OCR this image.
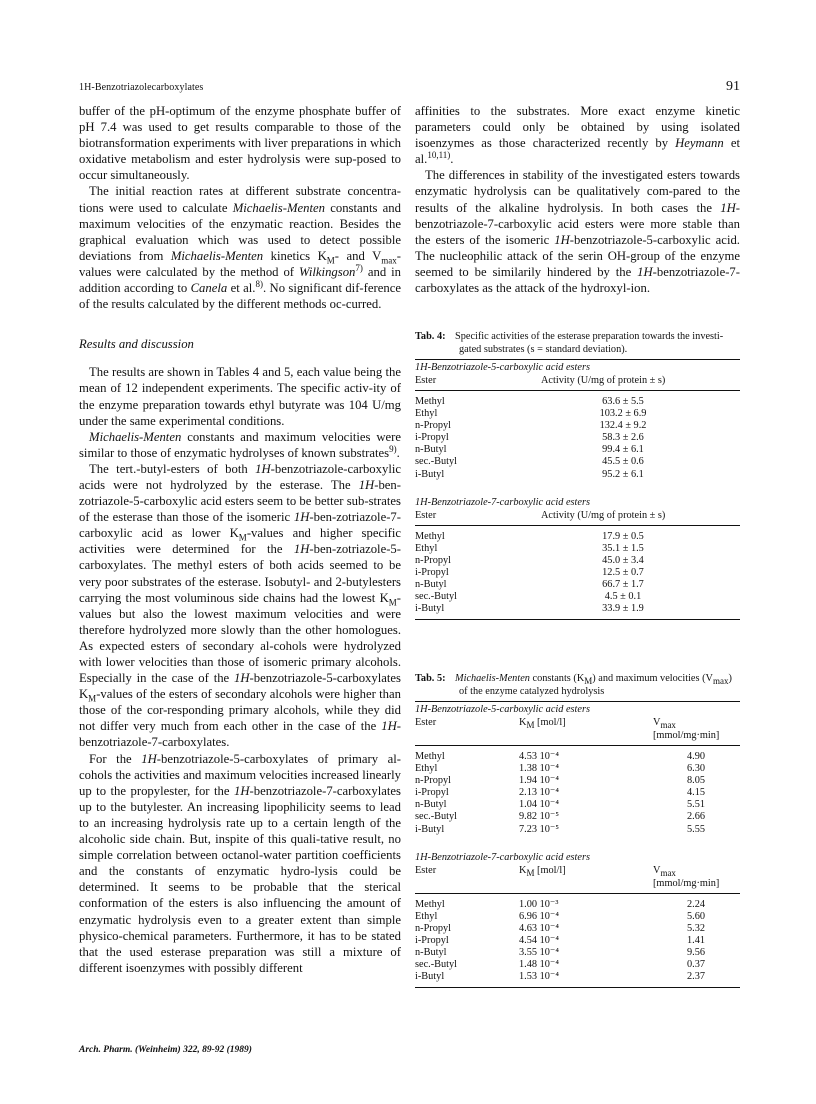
1H-Benzotriazolecarboxylates	91

buffer of the pH-optimum of the enzyme phosphate buffer of pH 7.4 was used to get results comparable to those of the biotransformation experiments with liver preparations in which oxidative metabolism and ester hydrolysis were sup-posed to occur simultaneously.

The initial reaction rates at different substrate concentra-tions were used to calculate Michaelis-Menten constants and maximum velocities of the enzymatic reaction. Besides the graphical evaluation which was used to detect possible deviations from Michaelis-Menten kinetics $K_M-$ and $V_{max}$-values were calculated by the method of Wilkingson$^{7)}$ and in addition according to Canela et al.$^{8)}$. No significant dif-ference of the results calculated by the different methods oc-curred.

Results and discussion

The results are shown in Tables 4 and 5, each value being the mean of 12 independent experiments. The specific activ-ity of the enzyme preparation towards ethyl butyrate was 104 U/mg under the same experimental conditions.

Michaelis-Menten constants and maximum velocities were similar to those of enzymatic hydrolyses of known substrates$^{9)}$.

The tert.-butyl-esters of both 1H-benzotriazole-carboxylic acids were not hydrolyzed by the esterase. The 1H-ben-zotriazole-5-carboxylic acid esters seem to be better sub-strates of the esterase than those of the isomeric 1H-ben-zotriazole-7-carboxylic acid as lower $K_M$-values and higher specific activities were determined for the 1H-ben-zotriazole-5-carboxylates. The methyl esters of both acids seemed to be very poor substrates of the esterase. Isobutyl- and 2-butylesters carrying the most voluminous side chains had the lowest $K_M$-values but also the lowest maximum velocities and were therefore hydrolyzed more slowly than the other homologues. As expected esters of secondary al-cohols were hydrolyzed with lower velocities than those of isomeric primary alcohols. Especially in the case of the 1H-benzotriazole-5-carboxylates $K_M$-values of the esters of secondary alcohols were higher than those of the cor-responding primary alcohols, while they did not differ very much from each other in the case of the 1H-benzotriazole-7-carboxylates.

For the 1H-benzotriazole-5-carboxylates of primary al-cohols the activities and maximum velocities increased linearly up to the propylester, for the 1H-benzotriazole-7-carboxylates up to the butylester. An increasing lipophilicity seems to lead to an increasing hydrolysis rate up to a certain length of the alcoholic side chain. But, inspite of this quali-tative result, no simple correlation between octanol-water partition coefficients and the constants of enzymatic hydro-lysis could be determined. It seems to be probable that the sterical conformation of the esters is also influencing the amount of enzymatic hydrolysis even to a greater extent than simple physico-chemical parameters. Furthermore, it has to be stated that the used esterase preparation was still a mixture of different isoenzymes with possibly different

affinities to the substrates. More exact enzyme kinetic parameters could only be obtained by using isolated isoenzymes as those characterized recently by Heymann et al.$^{10,11)}$.

The differences in stability of the investigated esters towards enzymatic hydrolysis can be qualitatively com-pared to the results of the alkaline hydrolysis. In both cases the 1H-benzotriazole-7-carboxylic acid esters were more stable than the esters of the isomeric 1H-benzotriazole-5-carboxylic acid. The nucleophilic attack of the serin OH-group of the enzyme seemed to be similarily hindered by the 1H-benzotriazole-7-carboxylates as the attack of the hydroxyl-ion.

Tab. 4: Specific activities of the esterase preparation towards the investi-
gated substrates (s = standard deviation).
1H-Benzotriazole-5-carboxylic acid esters
Ester	Activity (U/mg of protein ± s)
Methyl	63.6 ± 5.5
Ethyl	103.2 ± 6.9
n-Propyl	132.4 ± 9.2
i-Propyl	58.3 ± 2.6
n-Butyl	99.4 ± 6.1
sec.-Butyl	45.5 ± 0.6
i-Butyl	95.2 ± 6.1
1H-Benzotriazole-7-carboxylic acid esters
Ester	Activity (U/mg of protein ± s)
Methyl	17.9 ± 0.5
Ethyl	35.1 ± 1.5
n-Propyl	45.0 ± 3.4
i-Propyl	12.5 ± 0.7
n-Butyl	66.7 ± 1.7
sec.-Butyl	4.5 ± 0.1
i-Butyl	33.9 ± 1.9
Tab. 5: Michaelis-Menten constants (KM) and maximum velocities (Vmax)
of the enzyme catalyzed hydrolysis
1H-Benzotriazole-5-carboxylic acid esters
Ester	KM [mol/l]	Vmax [mmol/mg·min]
Methyl	4.53 10⁻⁴	4.90
Ethyl	1.38 10⁻⁴	6.30
n-Propyl	1.94 10⁻⁴	8.05
i-Propyl	2.13 10⁻⁴	4.15
n-Butyl	1.04 10⁻⁴	5.51
sec.-Butyl	9.82 10⁻⁵	2.66
i-Butyl	7.23 10⁻⁵	5.55
1H-Benzotriazole-7-carboxylic acid esters
Ester	KM [mol/l]	Vmax [mmol/mg·min]
Methyl	1.00 10⁻³	2.24
Ethyl	6.96 10⁻⁴	5.60
n-Propyl	4.63 10⁻⁴	5.32
i-Propyl	4.54 10⁻⁴	1.41
n-Butyl	3.55 10⁻⁴	9.56
sec.-Butyl	1.48 10⁻⁴	0.37
i-Butyl	1.53 10⁻⁴	2.37
Arch. Pharm. (Weinheim) 322, 89-92 (1989)
